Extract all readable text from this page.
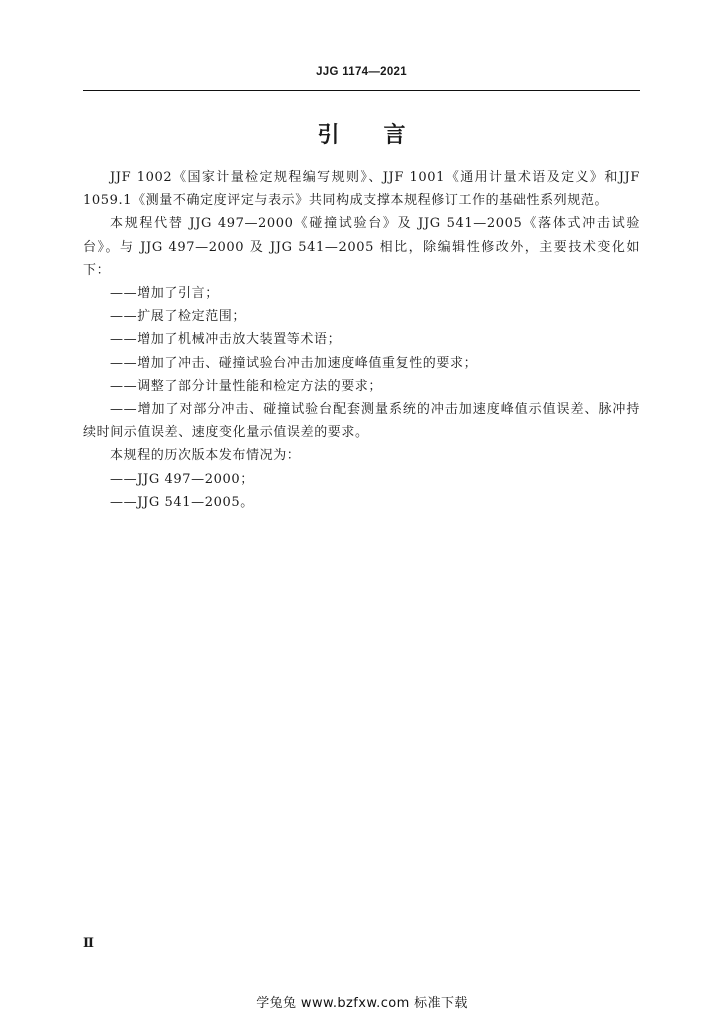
JJG 1174—2021
引言

JJF 1002《国家计量检定规程编写规则》、JJF 1001《通用计量术语及定义》和JJF 1059.1《测量不确定度评定与表示》共同构成支撑本规程修订工作的基础性系列规范。

本规程代替 JJG 497—2000《碰撞试验台》及 JJG 541—2005《落体式冲击试验台》。与 JJG 497—2000 及 JJG 541—2005 相比，除编辑性修改外，主要技术变化如下：

——增加了引言；

——扩展了检定范围；

——增加了机械冲击放大装置等术语；

——增加了冲击、碰撞试验台冲击加速度峰值重复性的要求；

——调整了部分计量性能和检定方法的要求；

——增加了对部分冲击、碰撞试验台配套测量系统的冲击加速度峰值示值误差、脉冲持续时间示值误差、速度变化量示值误差的要求。

本规程的历次版本发布情况为：

——JJG 497—2000；

——JJG 541—2005。

Ⅱ
学兔兔 www.bzfxw.com 标准下载
